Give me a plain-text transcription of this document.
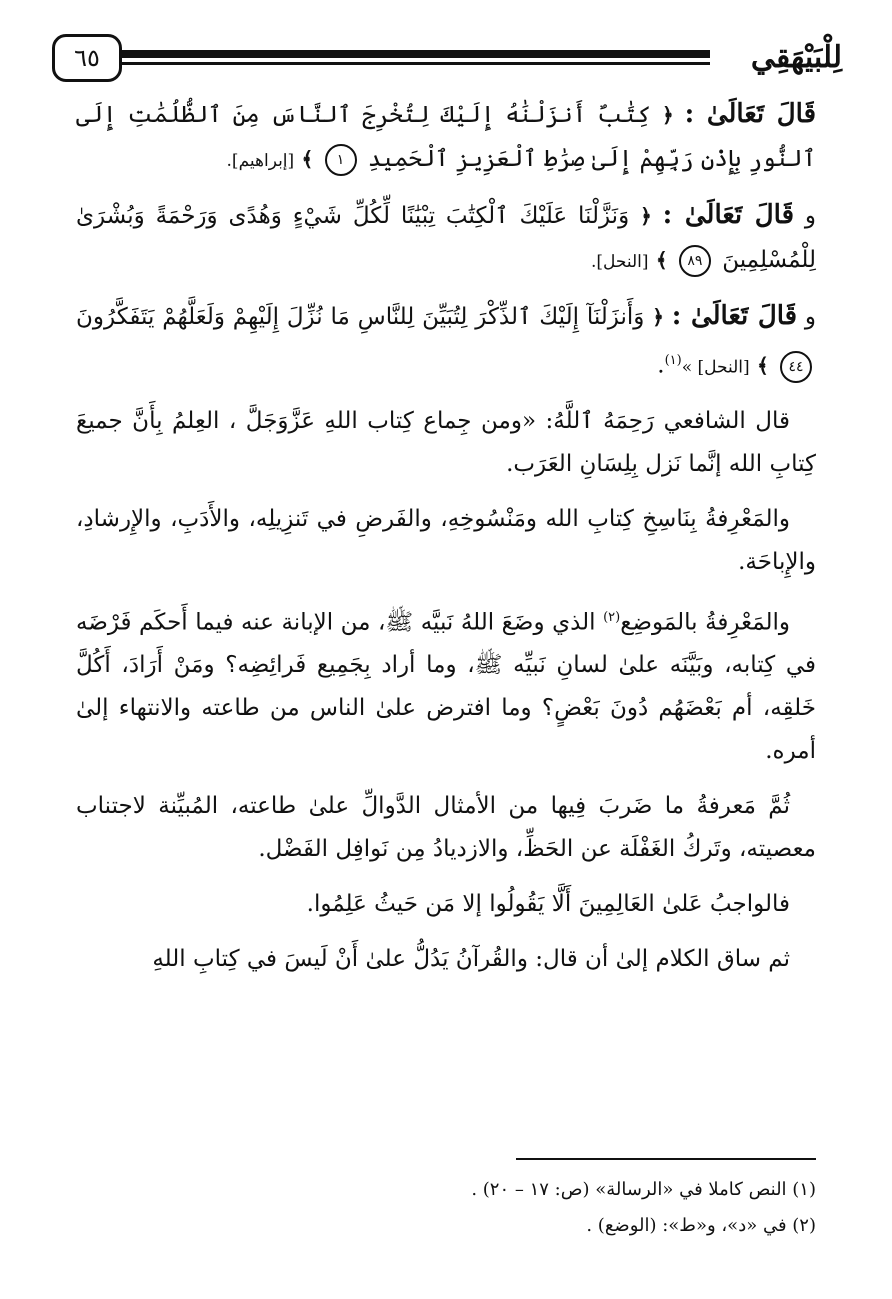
لِلْبَيْهَقِي
٦٥

قَالَ تَعَالَىٰ : ﴿ كِتَٰبٌ أَنزَلْنَٰهُ إِلَيْكَ لِتُخْرِجَ ٱلنَّاسَ مِنَ ٱلظُّلُمَٰتِ إِلَى ٱلنُّورِ بِإِذْنِ رَبِّهِمْ إِلَىٰ صِرَٰطِ ٱلْعَزِيزِ ٱلْحَمِيدِ ١ ﴾ [إبراهيم].

و قَالَ تَعَالَىٰ : ﴿ وَنَزَّلْنَا عَلَيْكَ ٱلْكِتَٰبَ تِبْيَٰنًا لِّكُلِّ شَيْءٍ وَهُدًى وَرَحْمَةً وَبُشْرَىٰ لِلْمُسْلِمِينَ ٨٩ ﴾ [النحل].

و قَالَ تَعَالَىٰ : ﴿ وَأَنزَلْنَآ إِلَيْكَ ٱلذِّكْرَ لِتُبَيِّنَ لِلنَّاسِ مَا نُزِّلَ إِلَيْهِمْ وَلَعَلَّهُمْ يَتَفَكَّرُونَ ٤٤ ﴾ [النحل] »$^{(١)}$.

قال الشافعي رَحِمَهُ ٱللَّهُ: «ومن جِماع كِتاب اللهِ عَزَّوَجَلَّ ، العِلمُ بِأَنَّ جميعَ كِتابِ الله إنَّما نَزل بِلِسَانِ العَرَب.

والمَعْرِفةُ بِنَاسِخِ كِتابِ الله ومَنْسُوخِهِ، والفَرضِ في تَنزِيلِه، والأَدَبِ، والإِرشادِ، والإِباحَة.

والمَعْرِفةُ بالمَوضِع$^{(٢)}$ الذي وضَعَ اللهُ نَبيَّه ﷺ، من الإبانة عنه فيما أَحكَم فَرْضَه في كِتابه، وبَيَّنَه علىٰ لسانِ نَبيِّه ﷺ، وما أراد بِجَمِيع فَرائِضِه؟ ومَنْ أَرَادَ، أَكُلَّ خَلقِه، أم بَعْضَهُم دُونَ بَعْضٍ؟ وما افترض علىٰ الناس من طاعته والانتهاء إلىٰ أمره.

ثُمَّ مَعرفةُ ما ضَربَ فِيها من الأمثال الدَّوالِّ علىٰ طاعته، المُبيِّنة لاجتناب معصيته، وتَركُ الغَفْلَة عن الحَظِّ، والازديادُ مِن نَوافِل الفَضْل.

فالواجبُ عَلىٰ العَالِمِينَ أَلَّا يَقُولُوا إلا مَن حَيثُ عَلِمُوا.

ثم ساق الكلام إلىٰ أن قال: والقُرآنُ يَدُلُّ علىٰ أَنْ لَيسَ في كِتابِ اللهِ

(١) النص كاملا في «الرسالة» (ص: ١٧ – ٢٠) .

(٢) في «د»، و«ط»: (الوضع) .
